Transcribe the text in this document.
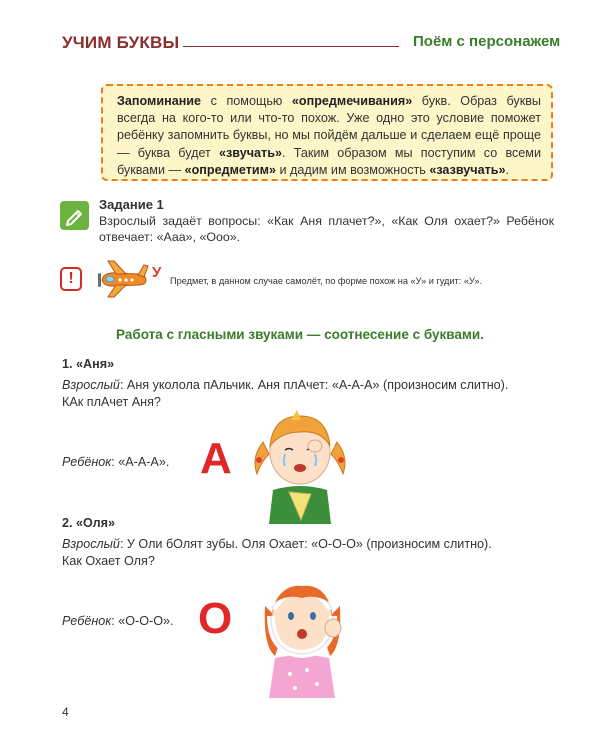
УЧИМ БУКВЫ	Поём с персонажем
Запоминание с помощью «опредмечивания» букв. Образ буквы всегда на кого-то или что-то похож. Уже одно это условие поможет ребёнку запомнить буквы, но мы пойдём дальше и сделаем ещё проще — буква будет «звучать». Таким образом мы поступим со всеми буквами — «опредметим» и дадим им возможность «зазвучать».
Задание 1
Взрослый задаёт вопросы: «Как Аня плачет?», «Как Оля охает?» Ребёнок отвечает: «Ааа», «Ооо».
!	У Предмет, в данном случае самолёт, по форме похож на «У» и гудит: «У».
Работа с гласными звуками — соотнесение с буквами.
1. «Аня»
Взрослый: Аня уколола пАльчик. Аня плАчет: «А-А-А» (произносим слитно).
КАк плАчет Аня?
Ребёнок: «А-А-А». А
2. «Оля»
Взрослый: У Оли бОлят зубы. Оля Охает: «О-О-О» (произносим слитно).
Как Охает Оля?
Ребёнок: «О-О-О». О
4
